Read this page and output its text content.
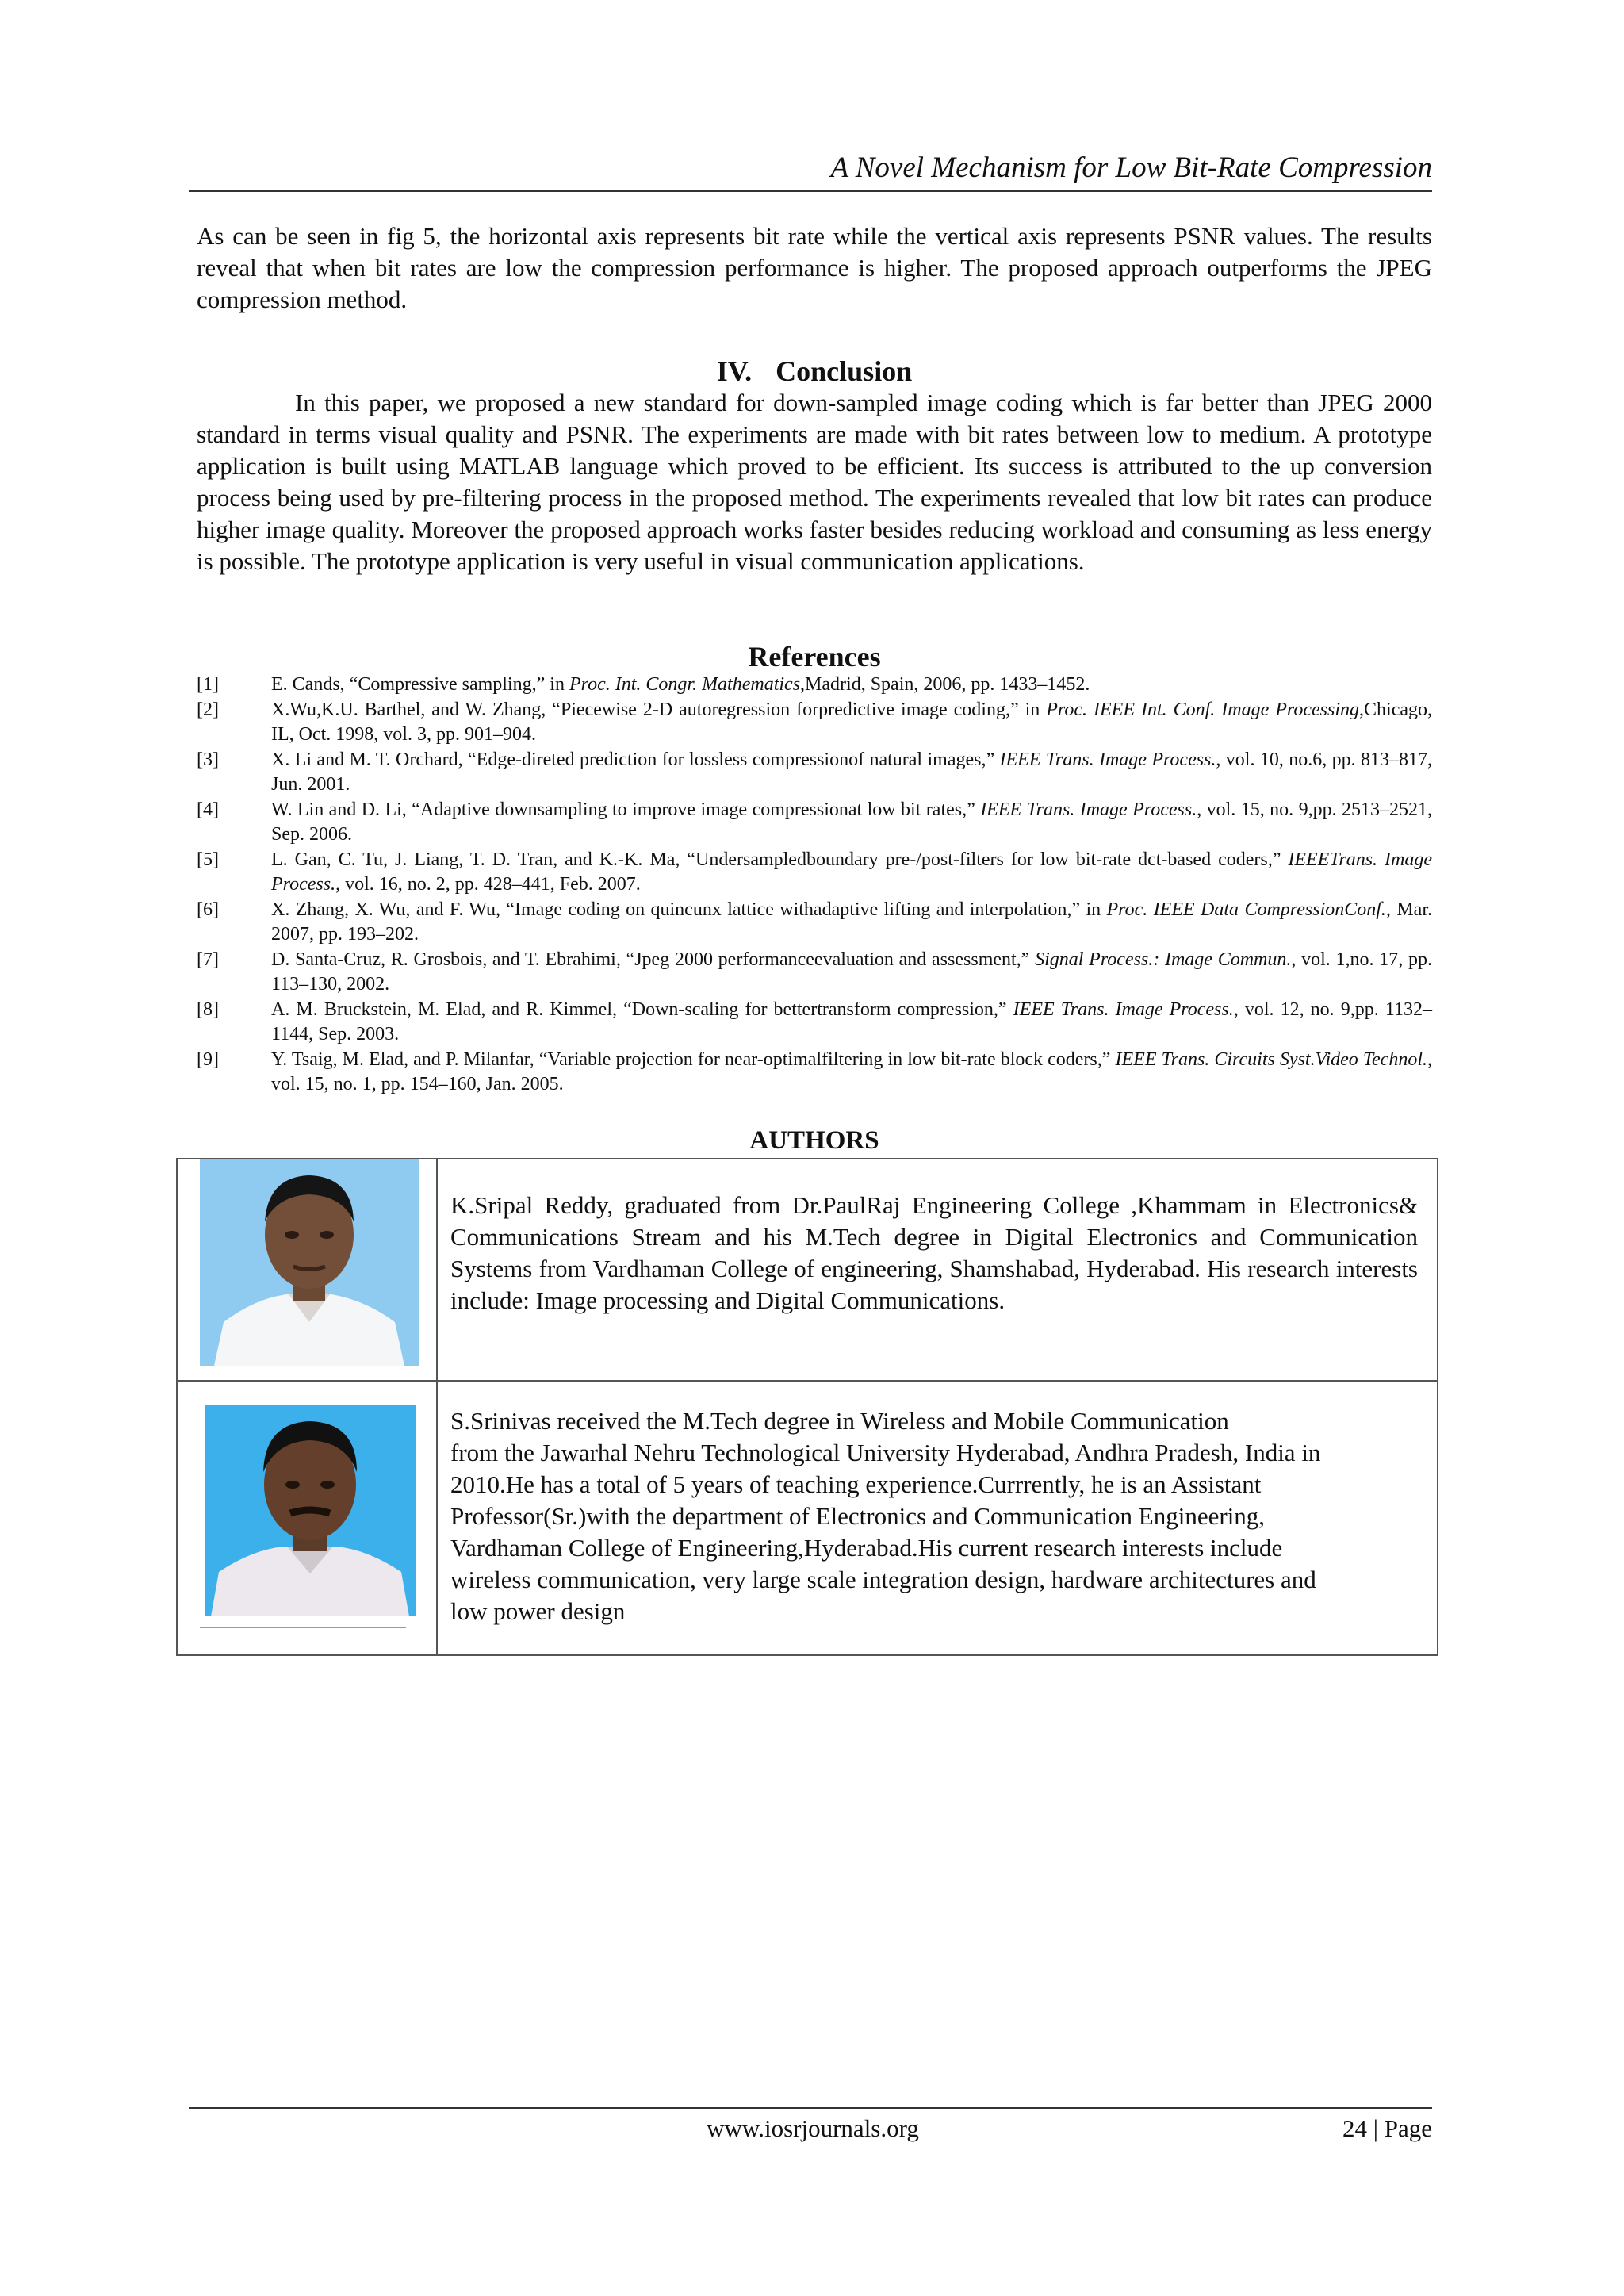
A Novel Mechanism for Low Bit-Rate Compression

As can be seen in fig 5, the horizontal axis represents bit rate while the vertical axis represents PSNR values. The results reveal that when bit rates are low the compression performance is higher. The proposed approach outperforms the JPEG compression method.

IV. Conclusion

In this paper, we proposed a new standard for down-sampled image coding which is far better than JPEG 2000 standard in terms visual quality and PSNR. The experiments are made with bit rates between low to medium. A prototype application is built using MATLAB language which proved to be efficient. Its success is attributed to the up conversion process being used by pre-filtering process in the proposed method. The experiments revealed that low bit rates can produce higher image quality. Moreover the proposed approach works faster besides reducing workload and consuming as less energy is possible. The prototype application is very useful in visual communication applications.

References
[1]	E. Cands, “Compressive sampling,” in Proc. Int. Congr. Mathematics,Madrid, Spain, 2006, pp. 1433–1452.
[2]	X.Wu,K.U. Barthel, and W. Zhang, “Piecewise 2-D autoregression forpredictive image coding,” in Proc. IEEE Int. Conf. Image Processing,Chicago, IL, Oct. 1998, vol. 3, pp. 901–904.
[3]	X. Li and M. T. Orchard, “Edge-direted prediction for lossless compressionof natural images,” IEEE Trans. Image Process., vol. 10, no.6, pp. 813–817, Jun. 2001.
[4]	W. Lin and D. Li, “Adaptive downsampling to improve image compressionat low bit rates,” IEEE Trans. Image Process., vol. 15, no. 9,pp. 2513–2521, Sep. 2006.
[5]	L. Gan, C. Tu, J. Liang, T. D. Tran, and K.-K. Ma, “Undersampledboundary pre-/post-filters for low bit-rate dct-based coders,” IEEETrans. Image Process., vol. 16, no. 2, pp. 428–441, Feb. 2007.
[6]	X. Zhang, X. Wu, and F. Wu, “Image coding on quincunx lattice withadaptive lifting and interpolation,” in Proc. IEEE Data CompressionConf., Mar. 2007, pp. 193–202.
[7]	D. Santa-Cruz, R. Grosbois, and T. Ebrahimi, “Jpeg 2000 performanceevaluation and assessment,” Signal Process.: Image Commun., vol. 1,no. 17, pp. 113–130, 2002.
[8]	A. M. Bruckstein, M. Elad, and R. Kimmel, “Down-scaling for bettertransform compression,” IEEE Trans. Image Process., vol. 12, no. 9,pp. 1132–1144, Sep. 2003.
[9]	Y. Tsaig, M. Elad, and P. Milanfar, “Variable projection for near-optimalfiltering in low bit-rate block coders,” IEEE Trans. Circuits Syst.Video Technol., vol. 15, no. 1, pp. 154–160, Jan. 2005.
AUTHORS

K.Sripal Reddy, graduated from Dr.PaulRaj Engineering College ,Khammam in Electronics& Communications Stream and his M.Tech degree in Digital Electronics and Communication Systems from Vardhaman College of engineering, Shamshabad, Hyderabad. His research interests include: Image processing and Digital Communications.

S.Srinivas received the M.Tech degree in Wireless and Mobile Communication
from the Jawarhal Nehru Technological University Hyderabad, Andhra Pradesh, India in
2010.He has a total of 5 years of teaching experience.Currrently, he is an Assistant
Professor(Sr.)with the department of Electronics and Communication Engineering,
Vardhaman College of Engineering,Hyderabad.His current research interests include
wireless communication, very large scale integration design, hardware architectures and
low power design

www.iosrjournals.org	24 | Page
